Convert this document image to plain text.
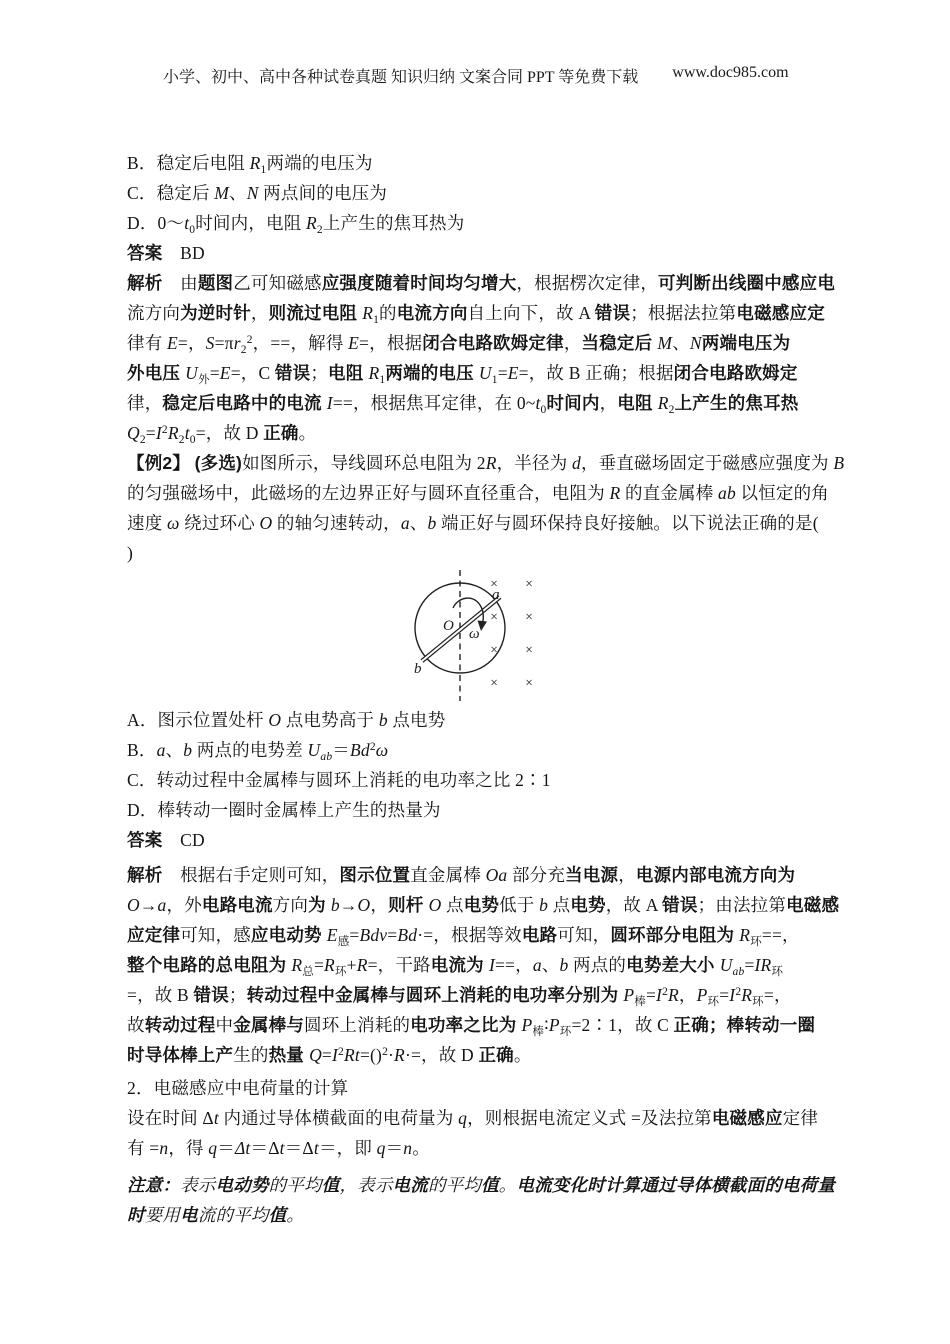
小学、初中、高中各种试卷真题 知识归纳 文案合同 PPT 等免费下载 www.doc985.com
B．稳定后电阻 $R_1$两端的电压为
C．稳定后 M、N 两点间的电压为
D．$0\sim t_0$时间内，电阻 $R_2$上产生的焦耳热为
答案　BD
解析　由题图乙可知磁感应强度随着时间均匀增大，根据楞次定律，可判断出线圈中感应电
流方向为逆时针，则流过电阻 $R_1$的电流方向自上向下，故 A 错误；根据法拉第电磁感应定
律有 E=，$S=\pi r_2^2$，==，解得 E=，根据闭合电路欧姆定律，当稳定后 M、N两端电压为
外电压 $U_外=E=$，C 错误；电阻 $R_1$两端的电压 $U_1=E=$，故 B 正确；根据闭合电路欧姆定
律，稳定后电路中的电流 I==，根据焦耳定律，在 $0\sim t_0$时间内，电阻 $R_2$上产生的焦耳热
$Q_2=I^2R_2t_0=$，故 D 正确。
【例2】 (多选)如图所示，导线圆环总电阻为 2R，半径为 d，垂直磁场固定于磁感应强度为 B
的匀强磁场中，此磁场的左边界正好与圆环直径重合，电阻为 R 的直金属棒 ab 以恒定的角
速度 ω 绕过环心 O 的轴匀速转动，a、b 端正好与圆环保持良好接触。以下说法正确的是(
)
a
b
O ω
× ×
× ×
× ×
× ×
A．图示位置处杆 O 点电势高于 b 点电势
B．a、b 两点的电势差 $U_{ab}=Bd^2\omega$
C．转动过程中金属棒与圆环上消耗的电功率之比 2∶1
D．棒转动一圈时金属棒上产生的热量为
答案　CD
解析　根据右手定则可知，图示位置直金属棒 Oa 部分充当电源，电源内部电流方向为
O→a，外电路电流方向为 b→O，则杆 O 点电势低于 b 点电势，故 A 错误；由法拉第电磁感
应定律可知，感应电动势 $E_感=Bdv=Bd\cdot=$，根据等效电路可知，圆环部分电阻为 $R_环==$，
整个电路的总电阻为 $R_总=R_环+R=$，干路电流为 I==，a、b 两点的电势差大小 $U_{ab}=IR_环$
=，故 B 错误；转动过程中金属棒与圆环上消耗的电功率分别为 $P_棒=I^2R$，$P_环=I^2R_环=$，
故转动过程中金属棒与圆环上消耗的电功率之比为 $P_棒∶P_环=2∶1$，故 C 正确；棒转动一圈
时导体棒上产生的热量 $Q=I^2Rt=()^2\cdot R\cdot=$，故 D 正确。
2．电磁感应中电荷量的计算
设在时间 Δt 内通过导体横截面的电荷量为 q，则根据电流定义式 =及法拉第电磁感应定律
有 =n，得 q＝Δt＝Δt＝Δt＝，即 q＝n。
注意：表示电动势的平均值，表示电流的平均值。电流变化时计算通过导体横截面的电荷量
时要用电流的平均值。
